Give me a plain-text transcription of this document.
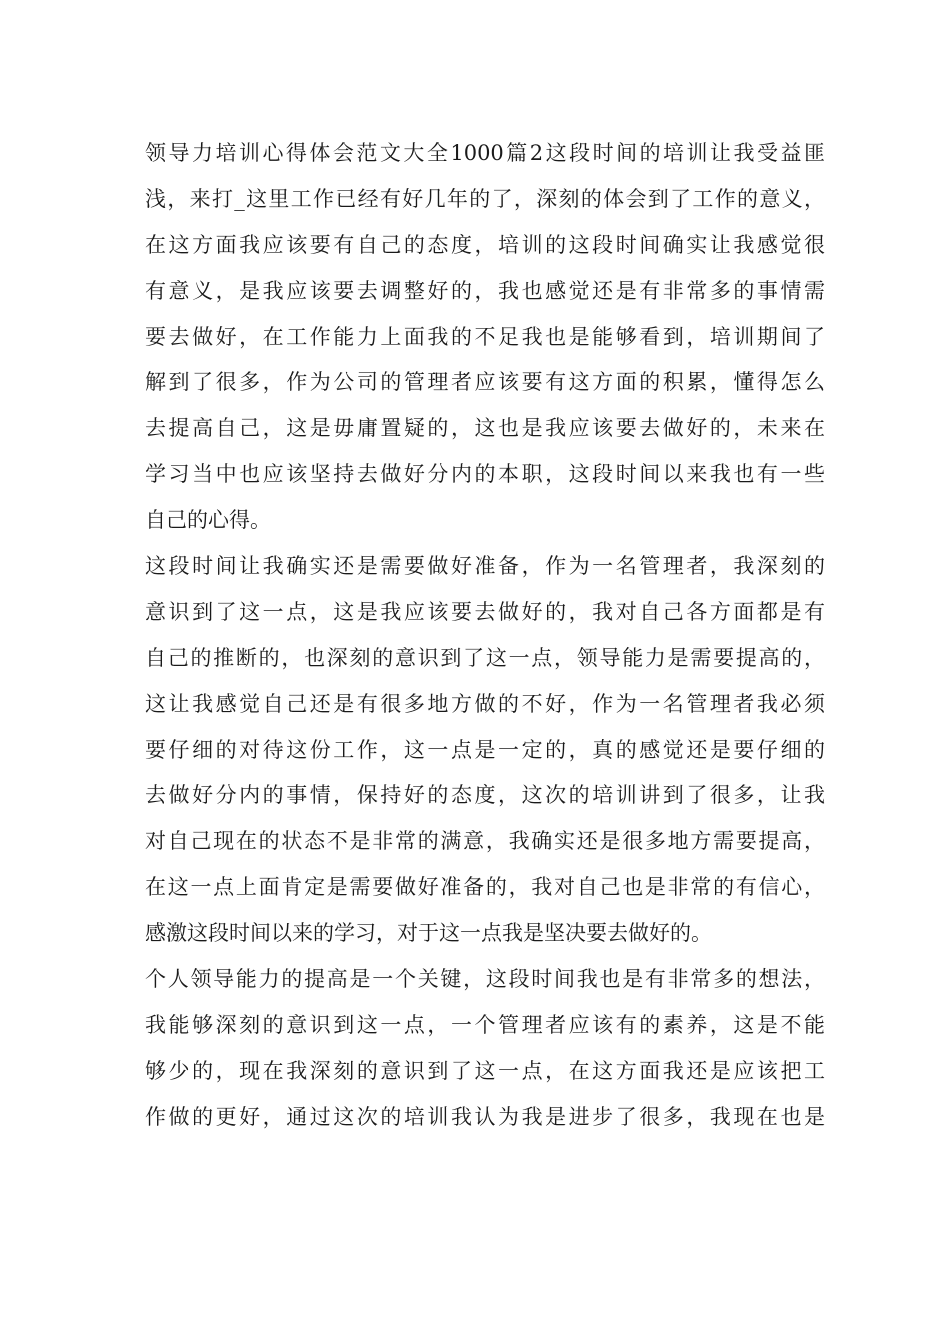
领导力培训心得体会范文大全1000篇2这段时间的培训让我受益匪
浅，来打_这里工作已经有好几年的了，深刻的体会到了工作的意义，
在这方面我应该要有自己的态度，培训的这段时间确实让我感觉很
有意义，是我应该要去调整好的，我也感觉还是有非常多的事情需
要去做好，在工作能力上面我的不足我也是能够看到，培训期间了
解到了很多，作为公司的管理者应该要有这方面的积累，懂得怎么
去提高自己，这是毋庸置疑的，这也是我应该要去做好的，未来在
学习当中也应该坚持去做好分内的本职，这段时间以来我也有一些
自己的心得。
这段时间让我确实还是需要做好准备，作为一名管理者，我深刻的
意识到了这一点，这是我应该要去做好的，我对自己各方面都是有
自己的推断的，也深刻的意识到了这一点，领导能力是需要提高的，
这让我感觉自己还是有很多地方做的不好，作为一名管理者我必须
要仔细的对待这份工作，这一点是一定的，真的感觉还是要仔细的
去做好分内的事情，保持好的态度，这次的培训讲到了很多，让我
对自己现在的状态不是非常的满意，我确实还是很多地方需要提高，
在这一点上面肯定是需要做好准备的，我对自己也是非常的有信心，
感激这段时间以来的学习，对于这一点我是坚决要去做好的。
个人领导能力的提高是一个关键，这段时间我也是有非常多的想法，
我能够深刻的意识到这一点，一个管理者应该有的素养，这是不能
够少的，现在我深刻的意识到了这一点，在这方面我还是应该把工
作做的更好，通过这次的培训我认为我是进步了很多，我现在也是
